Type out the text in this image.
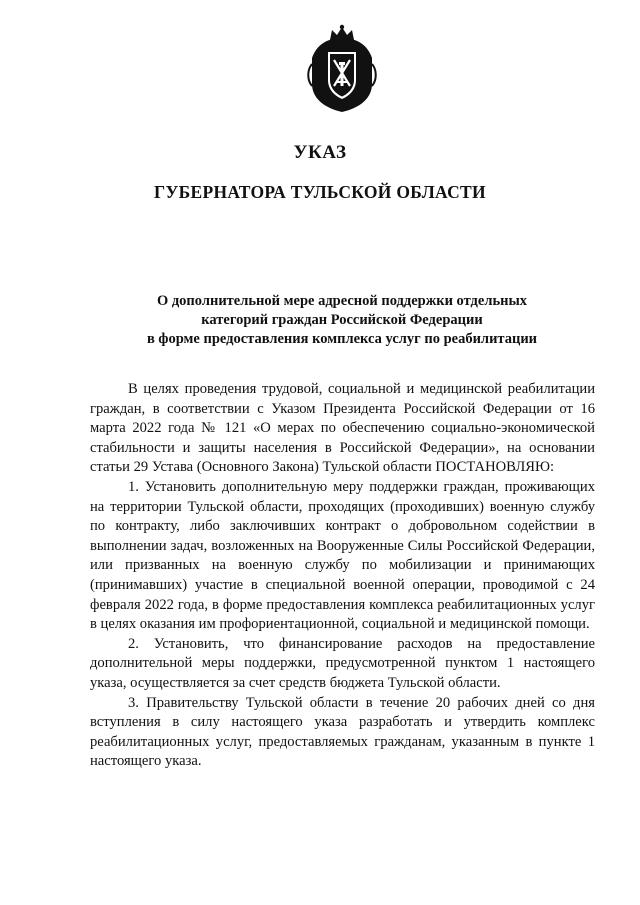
УКАЗ
ГУБЕРНАТОРА ТУЛЬСКОЙ ОБЛАСТИ
О дополнительной мере адресной поддержки отдельных
категорий граждан Российской Федерации
в форме предоставления комплекса услуг по реабилитации

В целях проведения трудовой, социальной и медицинской реабилитации граждан, в соответствии с Указом Президента Российской Федерации от 16 марта 2022 года № 121 «О мерах по обеспечению социально-экономической стабильности и защиты населения в Российской Федерации», на основании статьи 29 Устава (Основного Закона) Тульской области ПОСТАНОВЛЯЮ:

1. Установить дополнительную меру поддержки граждан, проживающих на территории Тульской области, проходящих (проходивших) военную службу по контракту, либо заключивших контракт о добровольном содействии в выполнении задач, возложенных на Вооруженные Силы Российской Федерации, или призванных на военную службу по мобилизации и принимающих (принимавших) участие в специальной военной операции, проводимой с 24 февраля 2022 года, в форме предоставления комплекса реабилитационных услуг в целях оказания им профориентационной, социальной и медицинской помощи.

2. Установить, что финансирование расходов на предоставление дополнительной меры поддержки, предусмотренной пунктом 1 настоящего указа, осуществляется за счет средств бюджета Тульской области.

3. Правительству Тульской области в течение 20 рабочих дней со дня вступления в силу настоящего указа разработать и утвердить комплекс реабилитационных услуг, предоставляемых гражданам, указанным в пункте 1 настоящего указа.
